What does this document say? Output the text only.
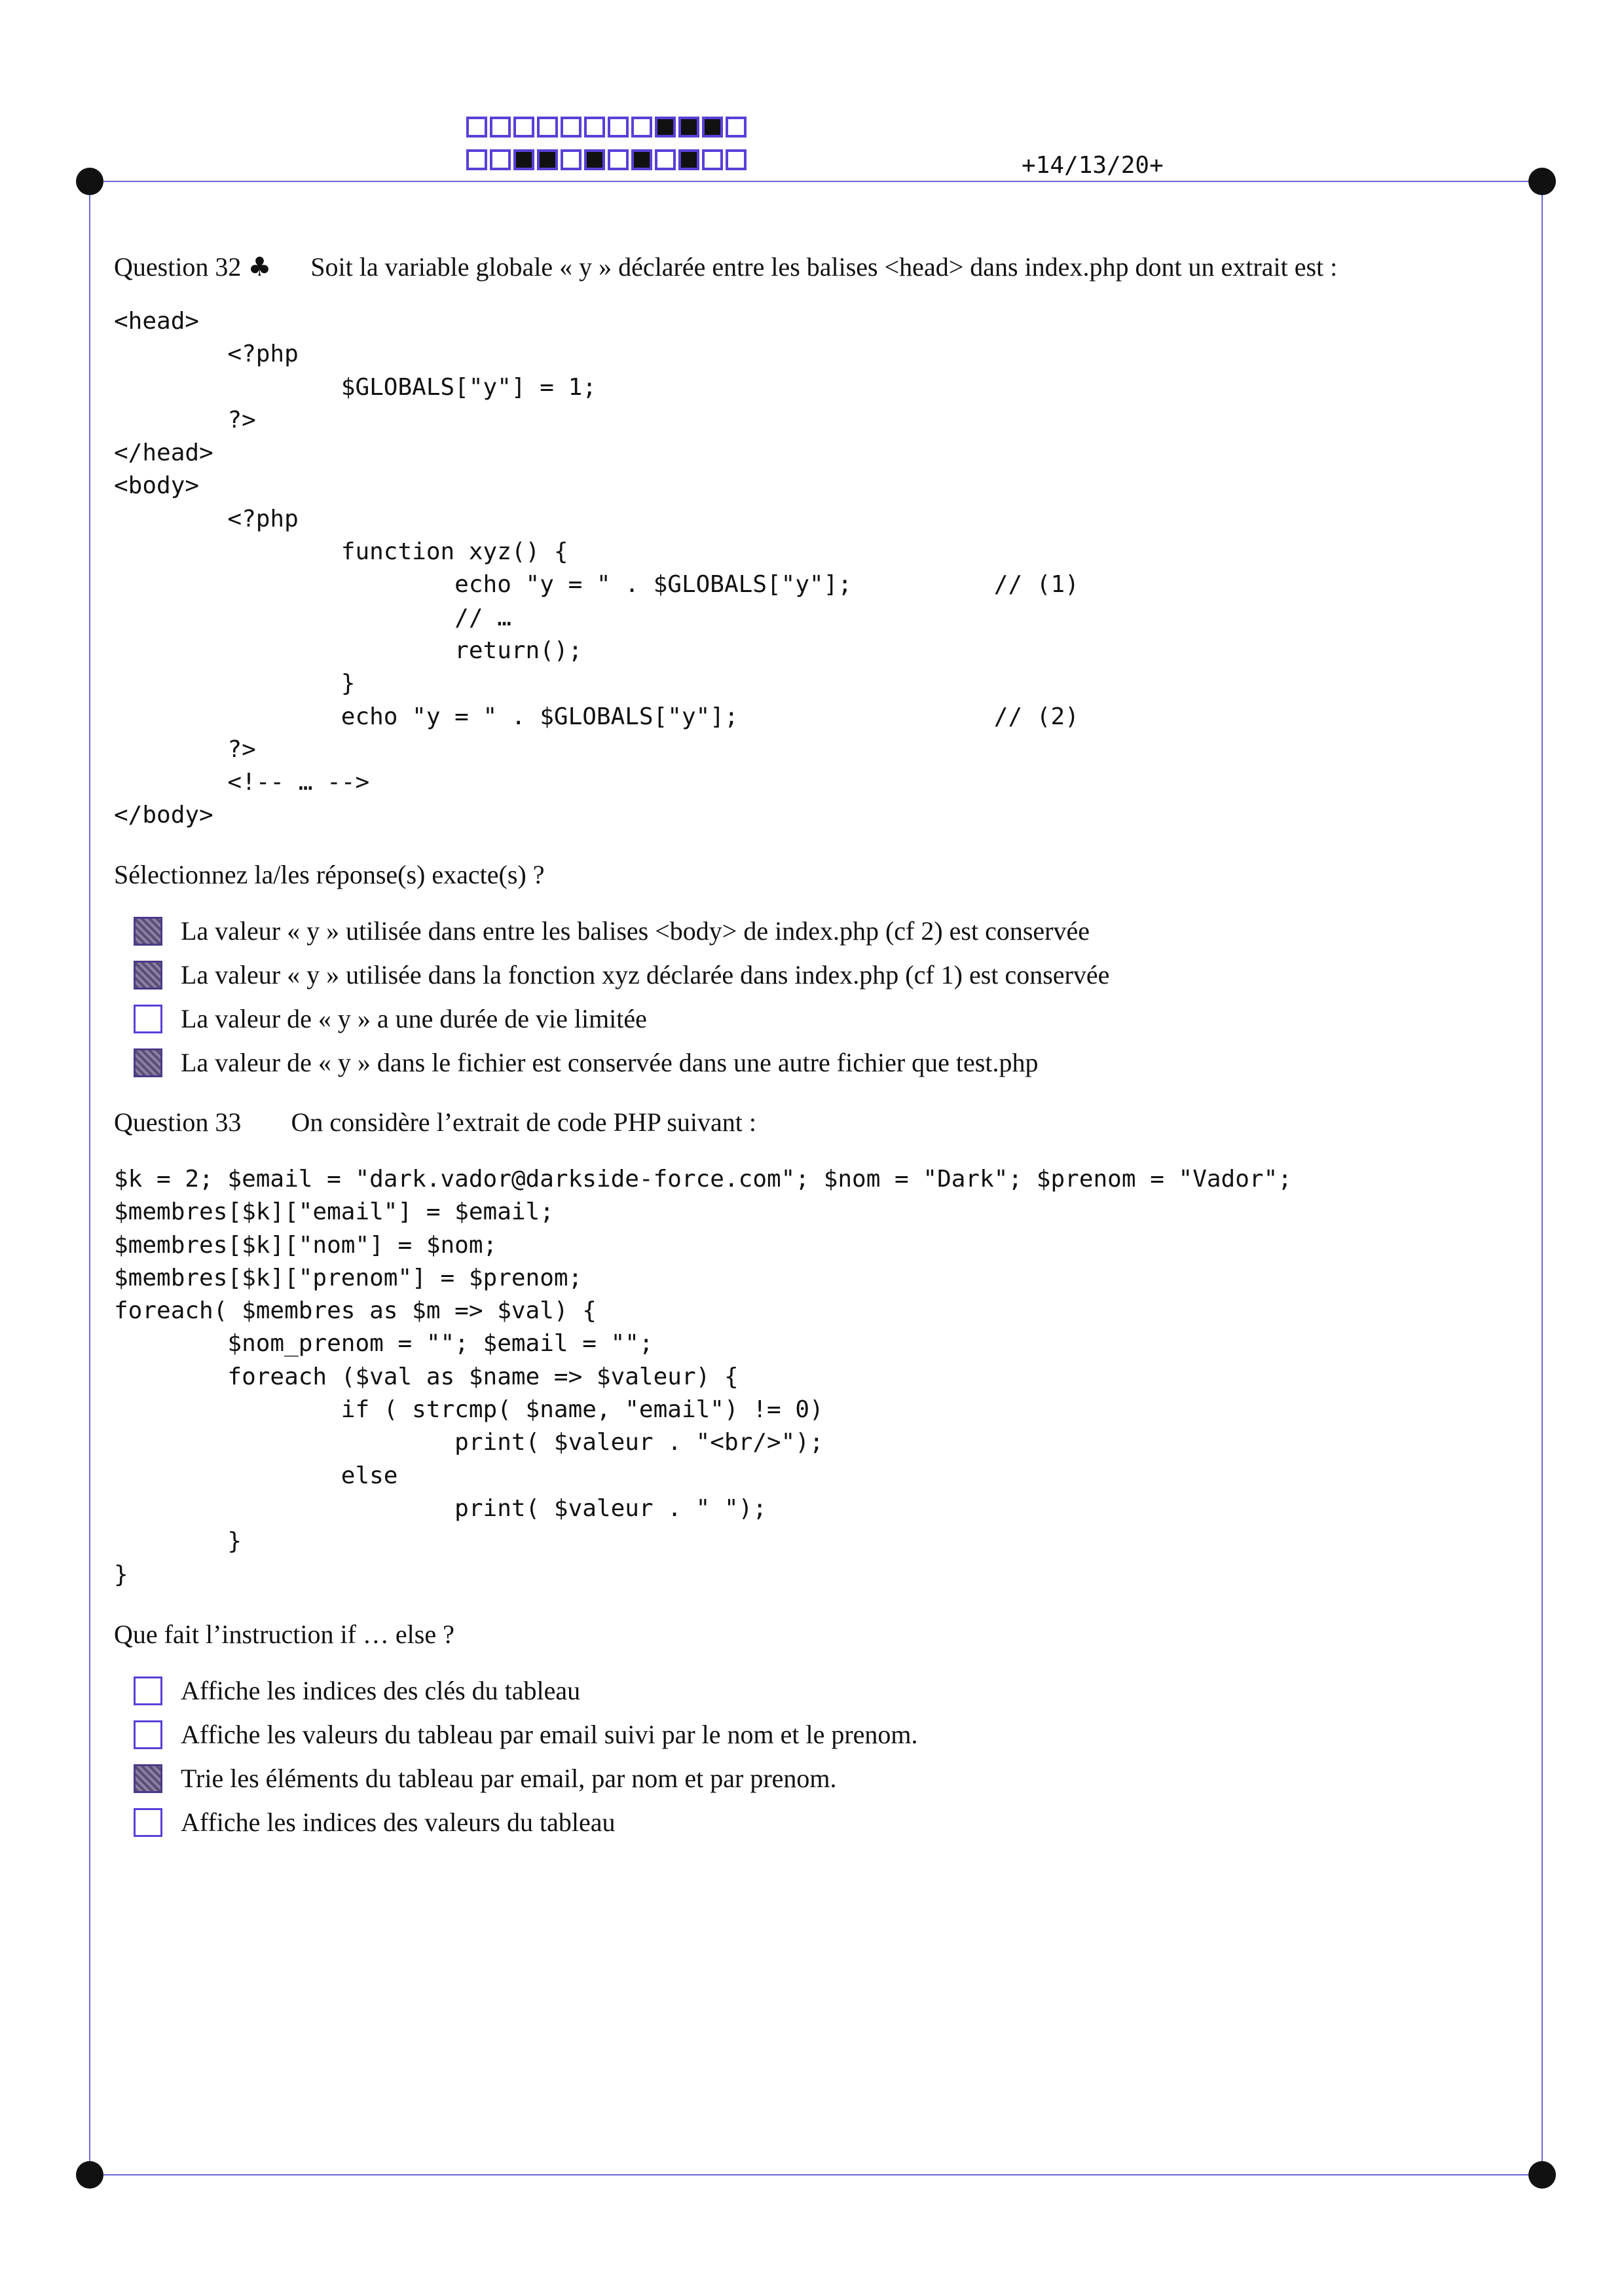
+14/13/20+
Question 32 ♣ Soit la variable globale « y » déclarée entre les balises <head> dans index.php dont un extrait est :
<head>
<?php
$GLOBALS["y"] = 1;
?>
</head>
<body>
<?php
function xyz() {
echo "y = " . $GLOBALS["y"];          // (1)
// …
return();
}
echo "y = " . $GLOBALS["y"];                  // (2)
?>
<!-- … -->
</body>
Sélectionnez la/les réponse(s) exacte(s) ?
La valeur « y » utilisée dans entre les balises <body> de index.php (cf 2) est conservée
La valeur « y » utilisée dans la fonction xyz déclarée dans index.php (cf 1) est conservée
La valeur de « y » a une durée de vie limitée
La valeur de « y » dans le fichier est conservée dans une autre fichier que test.php
Question 33 On considère l’extrait de code PHP suivant :
$k = 2; $email = "dark.vador@darkside-force.com"; $nom = "Dark"; $prenom = "Vador";
$membres[$k]["email"] = $email;
$membres[$k]["nom"] = $nom;
$membres[$k]["prenom"] = $prenom;
foreach( $membres as $m => $val) {
$nom_prenom = ""; $email = "";
foreach ($val as $name => $valeur) {
if ( strcmp( $name, "email") != 0)
print( $valeur . "<br/>");
else
print( $valeur . " ");
}
}
Que fait l’instruction if … else ?
Affiche les indices des clés du tableau
Affiche les valeurs du tableau par email suivi par le nom et le prenom.
Trie les éléments du tableau par email, par nom et par prenom.
Affiche les indices des valeurs du tableau
